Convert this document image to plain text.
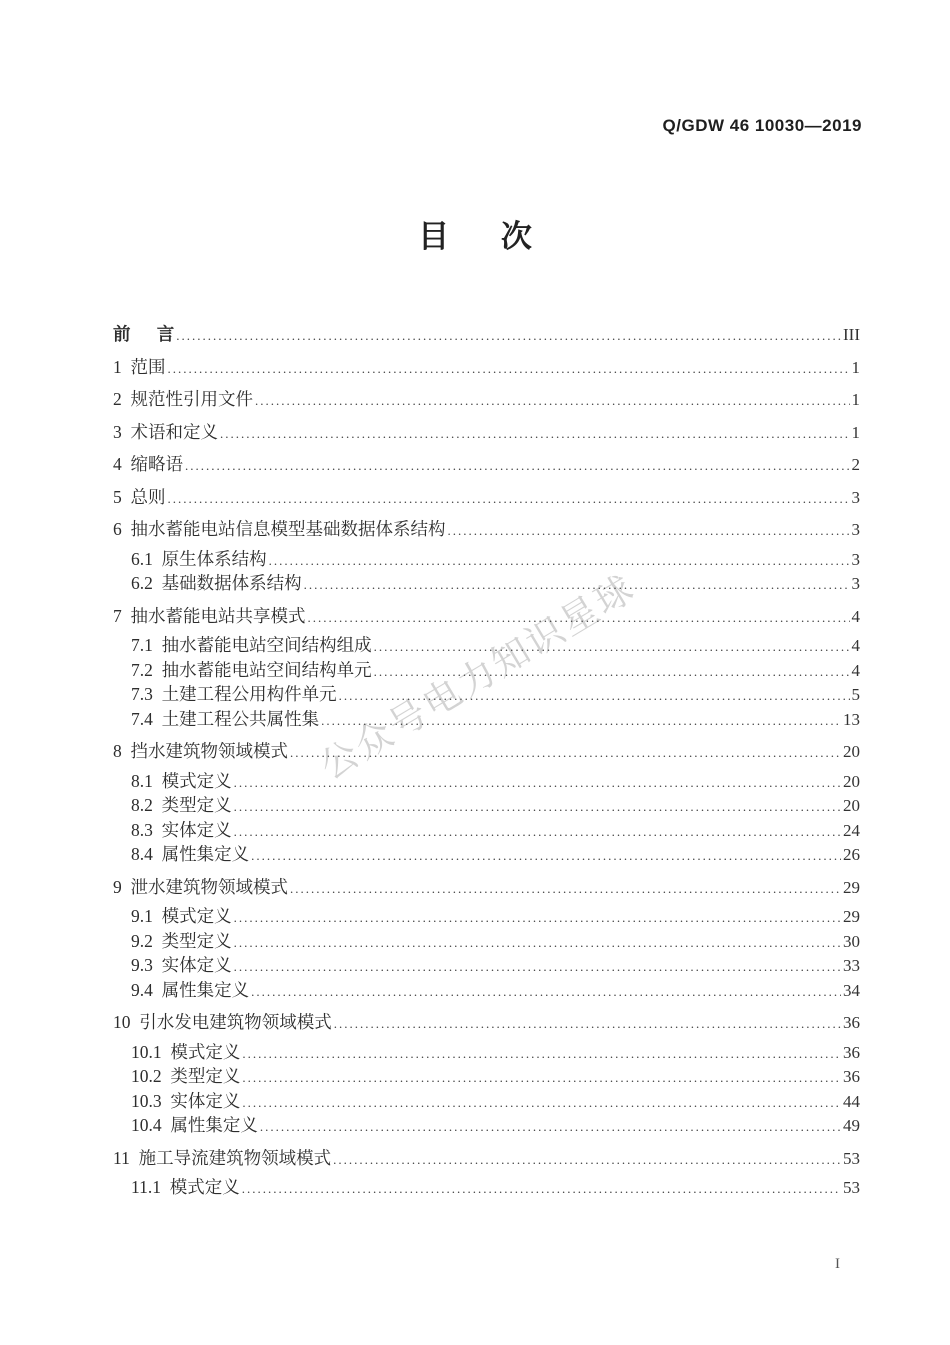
Q/GDW 46 10030—2019
目      次
公众号电力知识星球
前      言 .....	III
1  范围 .....	1
2  规范性引用文件 .....	1
3  术语和定义 .....	1
4  缩略语 .....	2
5  总则 .....	3
6  抽水蓄能电站信息模型基础数据体系结构 .....	3
6.1  原生体系结构 .....	3
6.2  基础数据体系结构 .....	3
7  抽水蓄能电站共享模式 .....	4
7.1  抽水蓄能电站空间结构组成 .....	4
7.2  抽水蓄能电站空间结构单元 .....	4
7.3  土建工程公用构件单元 .....	5
7.4  土建工程公共属性集 .....	13
8  挡水建筑物领域模式 .....	20
8.1  模式定义 .....	20
8.2  类型定义 .....	20
8.3  实体定义 .....	24
8.4  属性集定义 .....	26
9  泄水建筑物领域模式 .....	29
9.1  模式定义 .....	29
9.2  类型定义 .....	30
9.3  实体定义 .....	33
9.4  属性集定义 .....	34
10  引水发电建筑物领域模式 .....	36
10.1  模式定义 .....	36
10.2  类型定义 .....	36
10.3  实体定义 .....	44
10.4  属性集定义 .....	49
11  施工导流建筑物领域模式 .....	53
11.1  模式定义 .....	53
I
